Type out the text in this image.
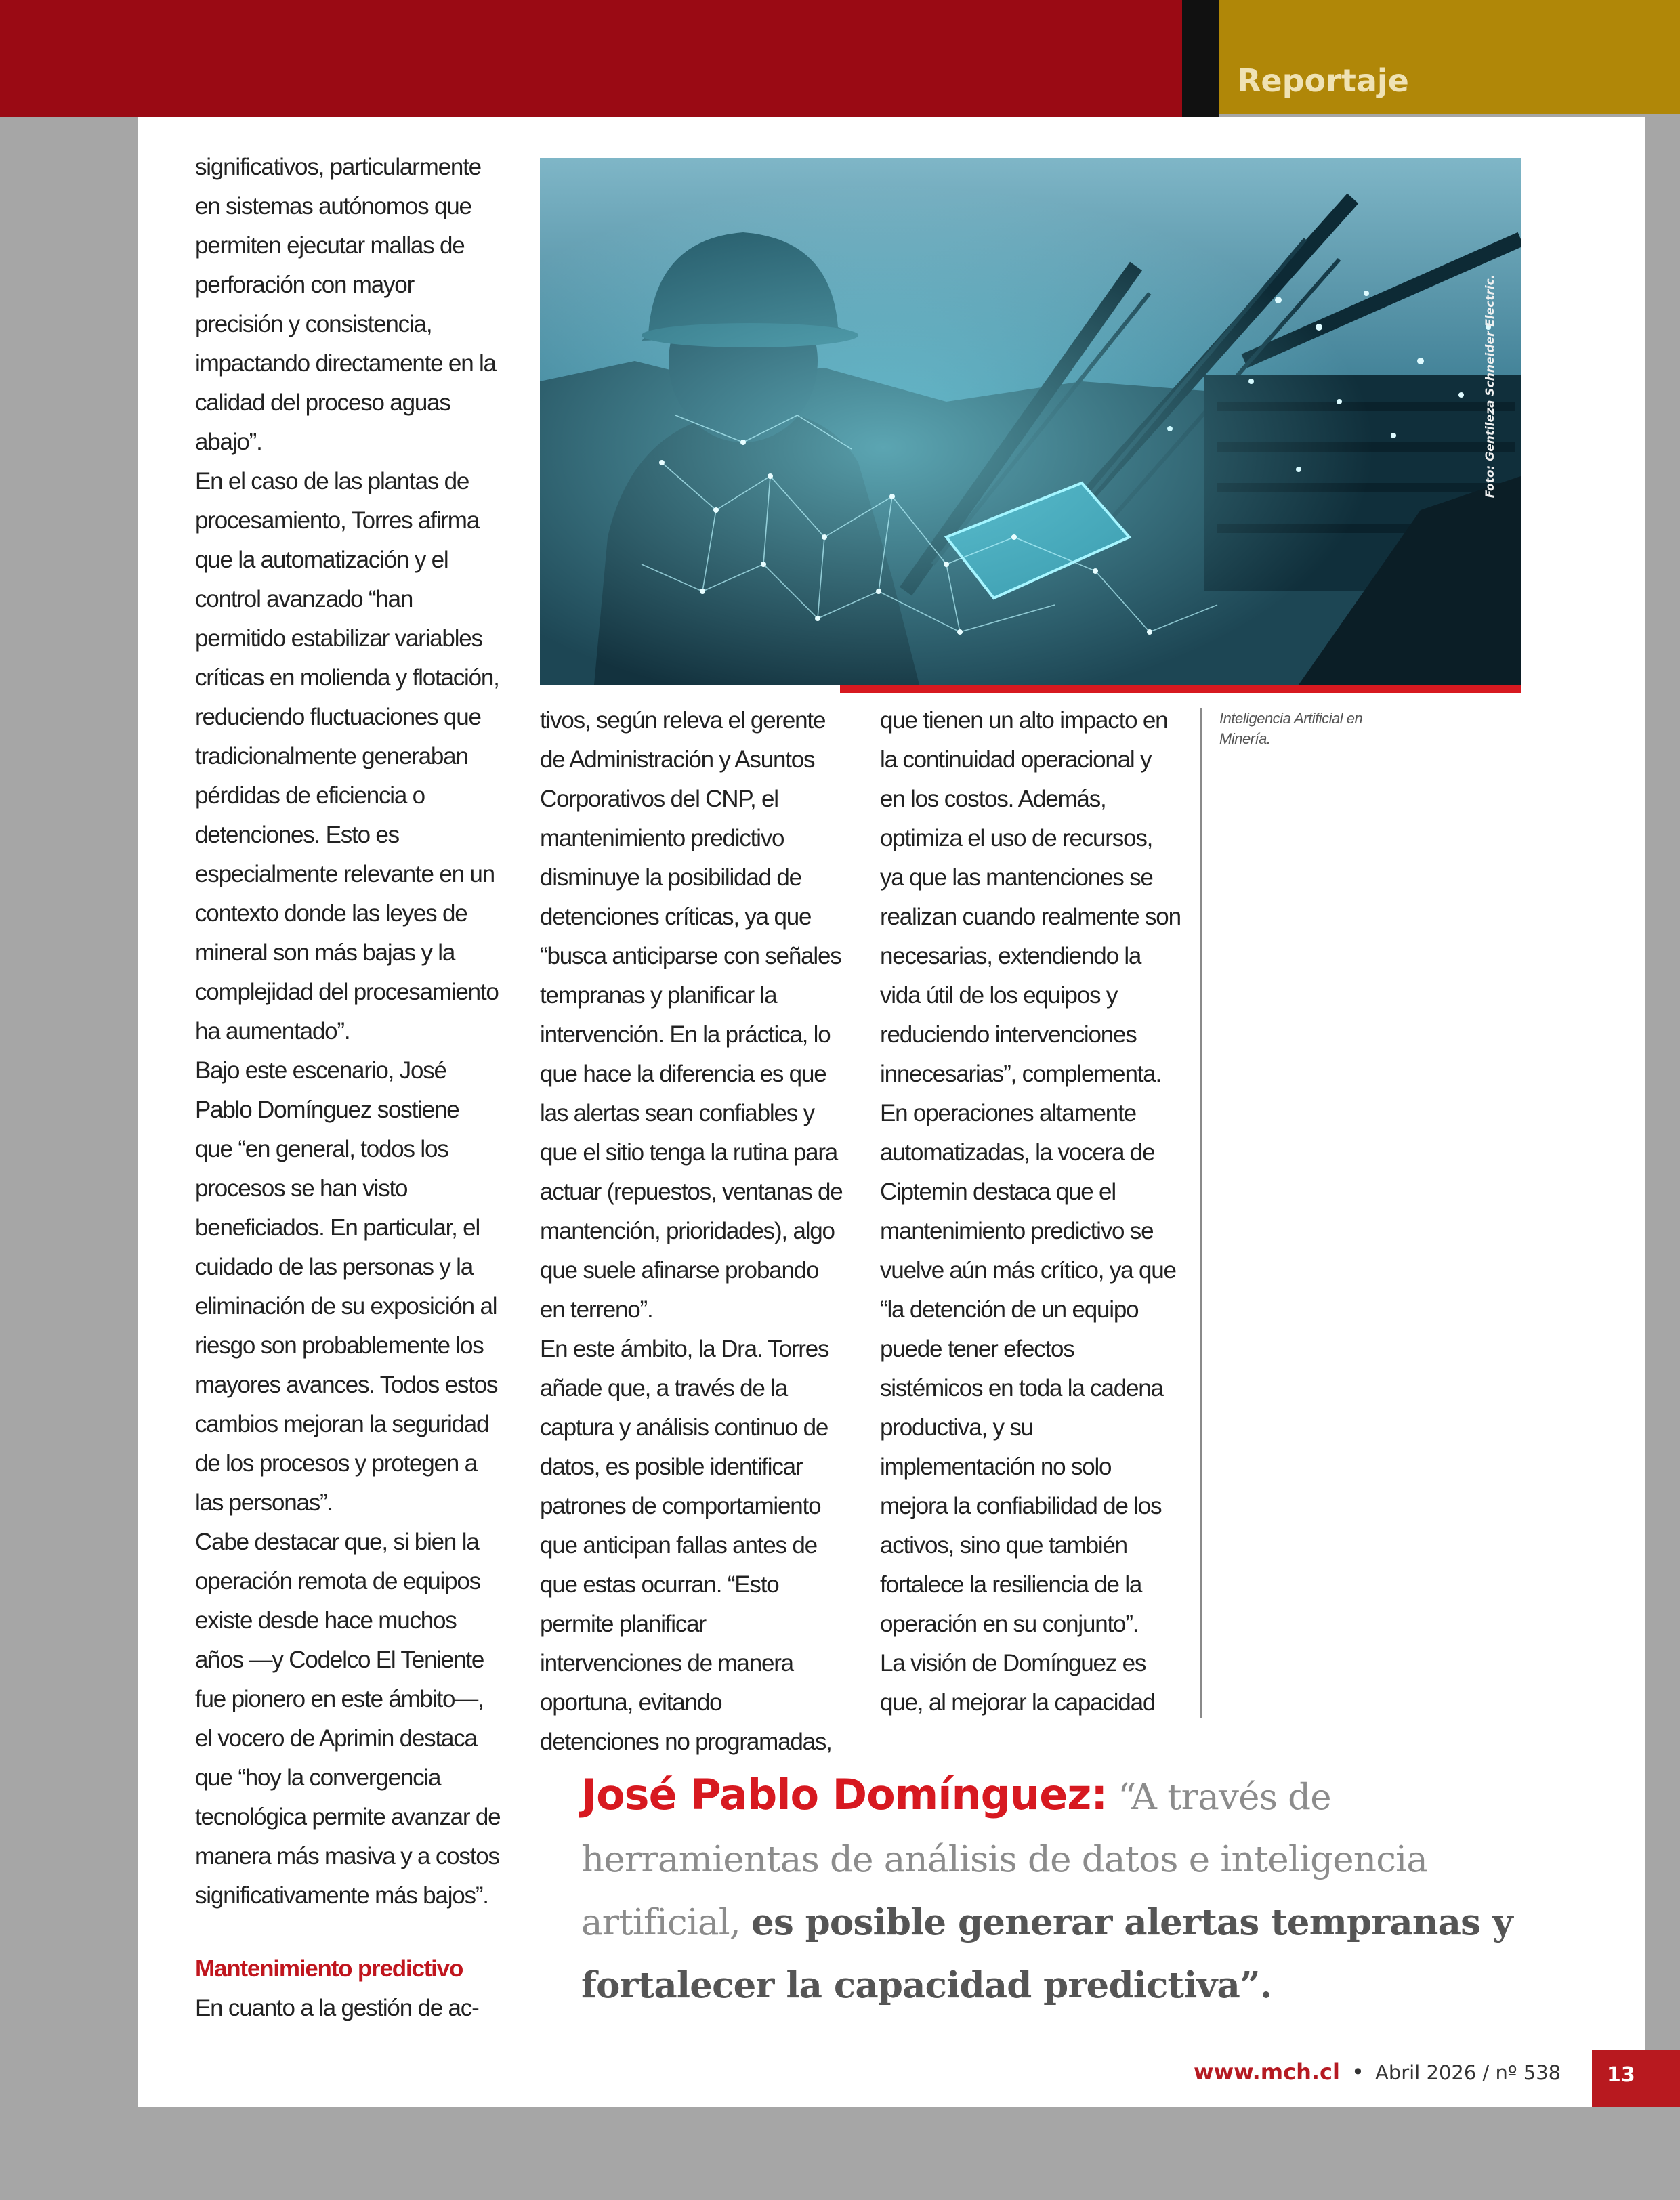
Reportaje
Foto: Gentileza Schneider Electric.
Inteligencia Artificial en Minería.

significativos, particularmente en sistemas autónomos que permiten ejecutar mallas de perforación con mayor precisión y consistencia, impactando directamente en la calidad del proceso aguas abajo”.

En el caso de las plantas de procesamiento, Torres afirma que la automatización y el control avanzado “han permitido estabilizar variables críticas en molienda y flotación, reduciendo fluctuaciones que tradicionalmente generaban pérdidas de eficiencia o detenciones. Esto es especialmente relevante en un contexto donde las leyes de mineral son más bajas y la complejidad del procesamiento ha aumentado”.

Bajo este escenario, José Pablo Domínguez sostiene que “en general, todos los procesos se han visto beneficiados. En particular, el cuidado de las personas y la eliminación de su exposición al riesgo son probablemente los mayores avances. Todos estos cambios mejoran la seguridad de los procesos y protegen a las personas”.

Cabe destacar que, si bien la operación remota de equipos existe desde hace muchos años —y Codelco El Teniente fue pionero en este ámbito—, el vocero de Aprimin destaca que “hoy la convergencia tecnológica permite avanzar de manera más masiva y a costos significativamente más bajos”.

Mantenimiento predictivo

En cuanto a la gestión de ac-

tivos, según releva el gerente de Administración y Asuntos Corporativos del CNP, el mantenimiento predictivo disminuye la posibilidad de detenciones críticas, ya que “busca anticiparse con señales tempranas y planificar la intervención. En la práctica, lo que hace la diferencia es que las alertas sean confiables y que el sitio tenga la rutina para actuar (repuestos, ventanas de mantención, prioridades), algo que suele afinarse probando en terreno”.

En este ámbito, la Dra. Torres añade que, a través de la captura y análisis continuo de datos, es posible identificar patrones de comportamiento que anticipan fallas antes de que estas ocurran. “Esto permite planificar intervenciones de manera oportuna, evitando detenciones no programadas,

que tienen un alto impacto en la continuidad operacional y en los costos. Además, optimiza el uso de recursos, ya que las mantenciones se realizan cuando realmente son necesarias, extendiendo la vida útil de los equipos y reduciendo intervenciones innecesarias”, complementa.

En operaciones altamente automatizadas, la vocera de Ciptemin destaca que el mantenimiento predictivo se vuelve aún más crítico, ya que “la detención de un equipo puede tener efectos sistémicos en toda la cadena productiva, y su implementación no solo mejora la confiabilidad de los activos, sino que también fortalece la resiliencia de la operación en su conjunto”.

La visión de Domínguez es que, al mejorar la capacidad

José Pablo Domínguez: “A través de herramientas de análisis de datos e inteligencia artificial, es posible generar alertas tempranas y fortalecer la capacidad predictiva”.
www.mch.cl • Abril 2026 / nº 538 13
